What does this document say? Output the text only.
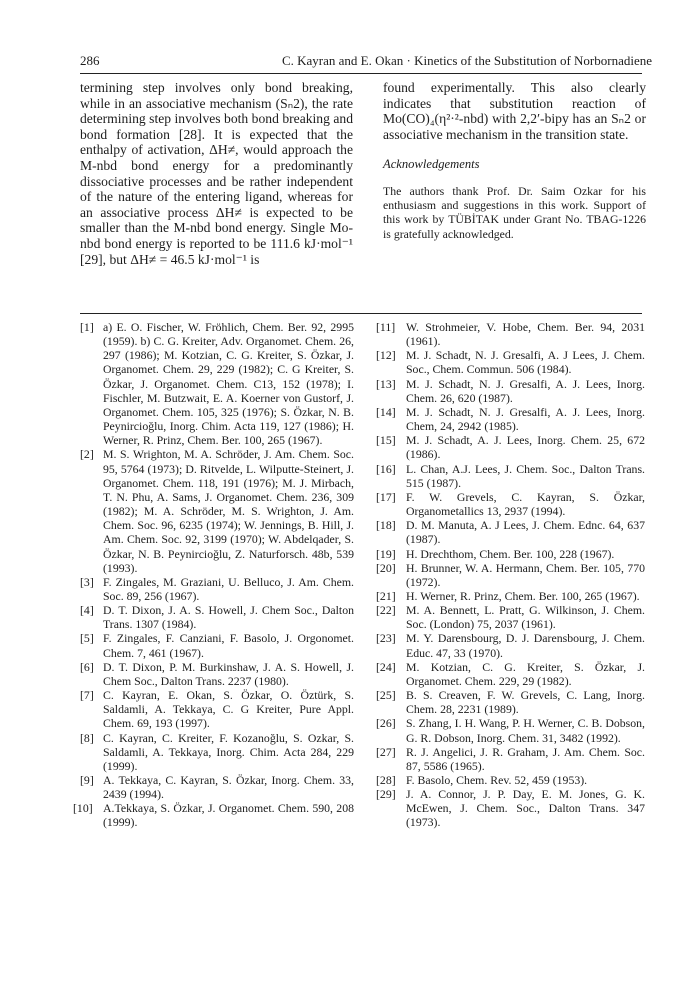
286	C. Kayran and E. Okan · Kinetics of the Substitution of Norbornadiene

termining step involves only bond breaking, while in an associative mechanism (Sₙ2), the rate determining step involves both bond breaking and bond formation [28]. It is expected that the enthalpy of activation, ΔH≠, would approach the M-nbd bond energy for a predominantly dissociative processes and be rather independent of the nature of the entering ligand, whereas for an associative process ΔH≠ is expected to be smaller than the M-nbd bond energy. Single Mo-nbd bond energy is reported to be 111.6 kJ·mol⁻¹ [29], but ΔH≠ = 46.5 kJ·mol⁻¹ is

found experimentally. This also clearly indicates that substitution reaction of Mo(CO)₄(η²·²-nbd) with 2,2′-bipy has an Sₙ2 or associative mechanism in the transition state.

Acknowledgements
The authors thank Prof. Dr. Saim Ozkar for his enthusiasm and suggestions in this work. Support of this work by TÜBİTAK under Grant No. TBAG-1226 is gratefully acknowledged.
[1] a) E. O. Fischer, W. Fröhlich, Chem. Ber. 92, 2995 (1959). b) C. G. Kreiter, Adv. Organomet. Chem. 26, 297 (1986); M. Kotzian, C. G. Kreiter, S. Özkar, J. Organomet. Chem. 29, 229 (1982); C. G Kreiter, S. Özkar, J. Organomet. Chem. C13, 152 (1978); I. Fischler, M. Butzwait, E. A. Koerner von Gustorf, J. Organomet. Chem. 105, 325 (1976); S. Özkar, N. B. Peynircioğlu, Inorg. Chim. Acta 119, 127 (1986); H. Werner, R. Prinz, Chem. Ber. 100, 265 (1967).
[2] M. S. Wrighton, M. A. Schröder, J. Am. Chem. Soc. 95, 5764 (1973); D. Ritvelde, L. Wilputte-Steinert, J. Organomet. Chem. 118, 191 (1976); M. J. Mirbach, T. N. Phu, A. Sams, J. Organomet. Chem. 236, 309 (1982); M. A. Schröder, M. S. Wrighton, J. Am. Chem. Soc. 96, 6235 (1974); W. Jennings, B. Hill, J. Am. Chem. Soc. 92, 3199 (1970); W. Abdelqader, S. Özkar, N. B. Peynircioğlu, Z. Naturforsch. 48b, 539 (1993).
[3] F. Zingales, M. Graziani, U. Belluco, J. Am. Chem. Soc. 89, 256 (1967).
[4] D. T. Dixon, J. A. S. Howell, J. Chem Soc., Dalton Trans. 1307 (1984).
[5] F. Zingales, F. Canziani, F. Basolo, J. Orgonomet. Chem. 7, 461 (1967).
[6] D. T. Dixon, P. M. Burkinshaw, J. A. S. Howell, J. Chem Soc., Dalton Trans. 2237 (1980).
[7] C. Kayran, E. Okan, S. Özkar, O. Öztürk, S. Saldamli, A. Tekkaya, C. G Kreiter, Pure Appl. Chem. 69, 193 (1997).
[8] C. Kayran, C. Kreiter, F. Kozanoğlu, S. Ozkar, S. Saldamli, A. Tekkaya, Inorg. Chim. Acta 284, 229 (1999).
[9] A. Tekkaya, C. Kayran, S. Özkar, Inorg. Chem. 33, 2439 (1994).
[10] A.Tekkaya, S. Özkar, J. Organomet. Chem. 590, 208 (1999).
[11] W. Strohmeier, V. Hobe, Chem. Ber. 94, 2031 (1961).
[12] M. J. Schadt, N. J. Gresalfi, A. J Lees, J. Chem. Soc., Chem. Commun. 506 (1984).
[13] M. J. Schadt, N. J. Gresalfi, A. J. Lees, Inorg. Chem. 26, 620 (1987).
[14] M. J. Schadt, N. J. Gresalfi, A. J. Lees, Inorg. Chem, 24, 2942 (1985).
[15] M. J. Schadt, A. J. Lees, Inorg. Chem. 25, 672 (1986).
[16] L. Chan, A.J. Lees, J. Chem. Soc., Dalton Trans. 515 (1987).
[17] F. W. Grevels, C. Kayran, S. Özkar, Organometallics 13, 2937 (1994).
[18] D. M. Manuta, A. J Lees, J. Chem. Ednc. 64, 637 (1987).
[19] H. Drechthom, Chem. Ber. 100, 228 (1967).
[20] H. Brunner, W. A. Hermann, Chem. Ber. 105, 770 (1972).
[21] H. Werner, R. Prinz, Chem. Ber. 100, 265 (1967).
[22] M. A. Bennett, L. Pratt, G. Wilkinson, J. Chem. Soc. (London) 75, 2037 (1961).
[23] M. Y. Darensbourg, D. J. Darensbourg, J. Chem. Educ. 47, 33 (1970).
[24] M. Kotzian, C. G. Kreiter, S. Özkar, J. Organomet. Chem. 229, 29 (1982).
[25] B. S. Creaven, F. W. Grevels, C. Lang, Inorg. Chem. 28, 2231 (1989).
[26] S. Zhang, I. H. Wang, P. H. Werner, C. B. Dobson, G. R. Dobson, Inorg. Chem. 31, 3482 (1992).
[27] R. J. Angelici, J. R. Graham, J. Am. Chem. Soc. 87, 5586 (1965).
[28] F. Basolo, Chem. Rev. 52, 459 (1953).
[29] J. A. Connor, J. P. Day, E. M. Jones, G. K. McEwen, J. Chem. Soc., Dalton Trans. 347 (1973).
